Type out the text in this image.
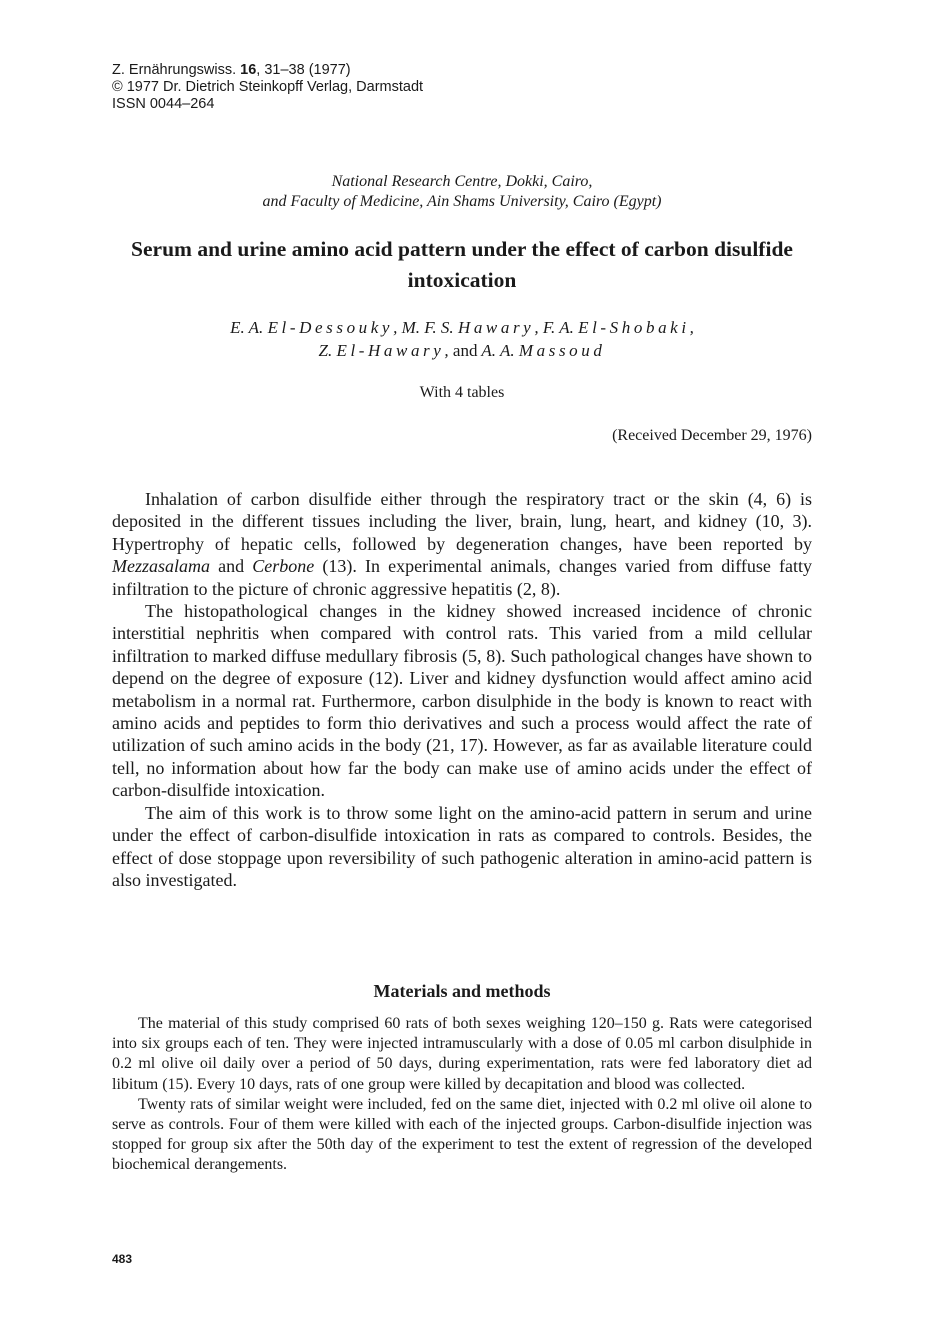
Z. Ernährungswiss. 16, 31–38 (1977)
© 1977 Dr. Dietrich Steinkopff Verlag, Darmstadt
ISSN 0044–264
National Research Centre, Dokki, Cairo,
and Faculty of Medicine, Ain Shams University, Cairo (Egypt)
Serum and urine amino acid pattern under the effect of carbon disulfide intoxication
E. A. El-Dessouky, M. F. S. Hawary, F. A. El-Shobaki,
Z. El-Hawary, and A. A. Massoud
With 4 tables
(Received December 29, 1976)

Inhalation of carbon disulfide either through the respiratory tract or the skin (4, 6) is deposited in the different tissues including the liver, brain, lung, heart, and kidney (10, 3). Hypertrophy of hepatic cells, followed by degeneration changes, have been reported by Mezzasalama and Cerbone (13). In experimental animals, changes varied from diffuse fatty infiltration to the picture of chronic aggressive hepatitis (2, 8).

The histopathological changes in the kidney showed increased incidence of chronic interstitial nephritis when compared with control rats. This varied from a mild cellular infiltration to marked diffuse medullary fibrosis (5, 8). Such pathological changes have shown to depend on the degree of exposure (12). Liver and kidney dysfunction would affect amino acid metabolism in a normal rat. Furthermore, carbon disulphide in the body is known to react with amino acids and peptides to form thio derivatives and such a process would affect the rate of utilization of such amino acids in the body (21, 17). However, as far as available literature could tell, no information about how far the body can make use of amino acids under the effect of carbon-disulfide intoxication.

The aim of this work is to throw some light on the amino-acid pattern in serum and urine under the effect of carbon-disulfide intoxication in rats as compared to controls. Besides, the effect of dose stoppage upon reversibility of such pathogenic alteration in amino-acid pattern is also investigated.

Materials and methods

The material of this study comprised 60 rats of both sexes weighing 120–150 g. Rats were categorised into six groups each of ten. They were injected intramuscularly with a dose of 0.05 ml carbon disulphide in 0.2 ml olive oil daily over a period of 50 days, during experimentation, rats were fed laboratory diet ad libitum (15). Every 10 days, rats of one group were killed by decapitation and blood was collected.

Twenty rats of similar weight were included, fed on the same diet, injected with 0.2 ml olive oil alone to serve as controls. Four of them were killed with each of the injected groups. Carbon-disulfide injection was stopped for group six after the 50th day of the experiment to test the extent of regression of the developed biochemical derangements.

483
